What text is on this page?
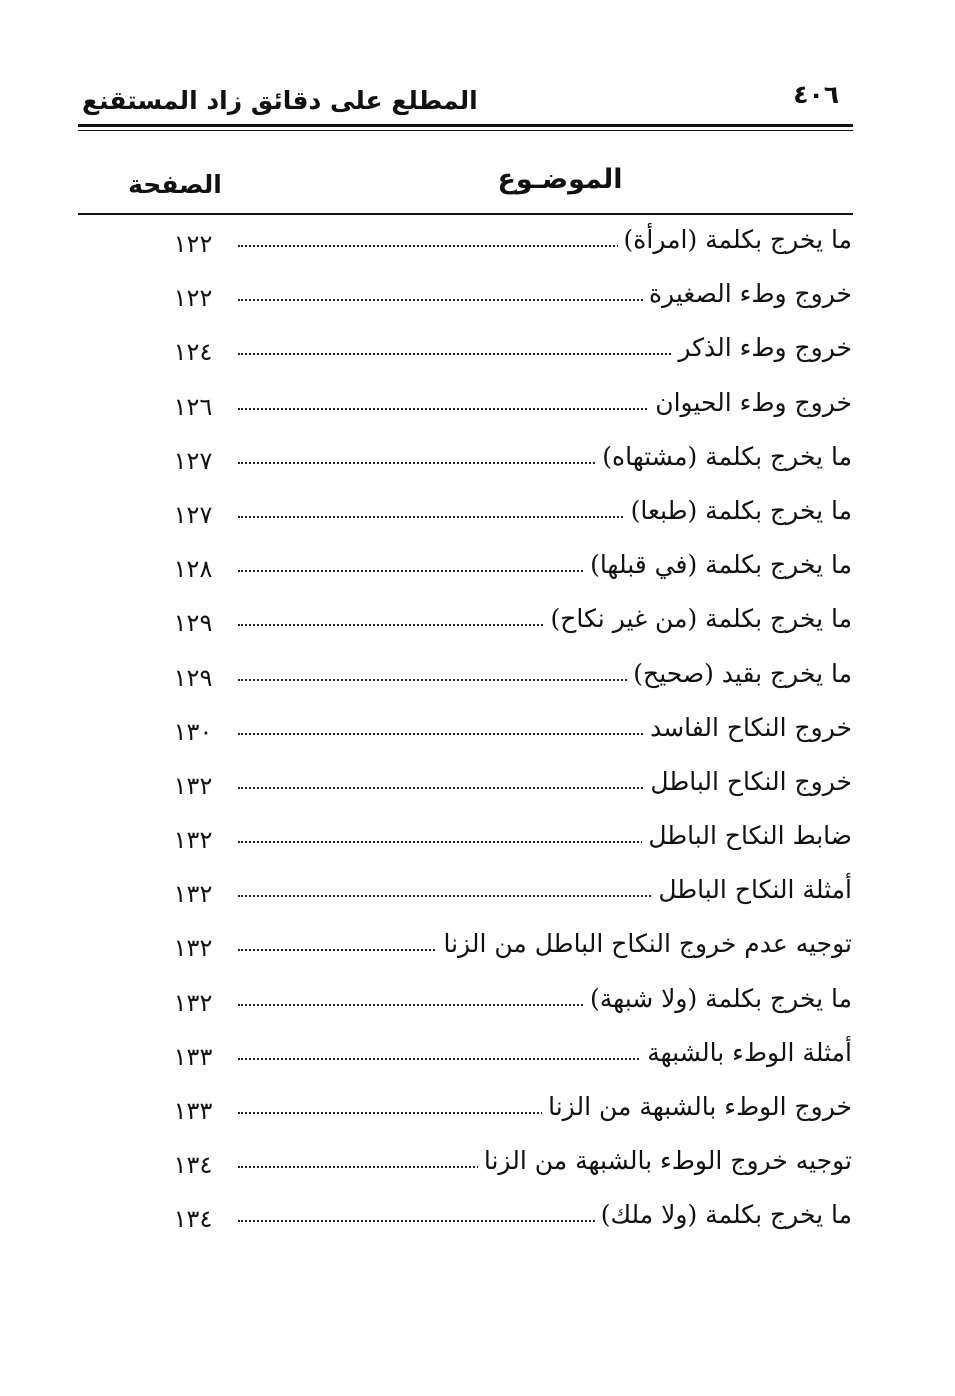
المطلع على دقائق زاد المستقنع	٤٠٦
الموضـوع
الصفحة
ما يخرج بكلمة (امرأة)
١٢٢
خروج وطء الصغيرة
١٢٢
خروج وطء الذكر
١٢٤
خروج وطء الحيوان
١٢٦
ما يخرج بكلمة (مشتهاه)
١٢٧
ما يخرج بكلمة (طبعا)
١٢٧
ما يخرج بكلمة (في قبلها)
١٢٨
ما يخرج بكلمة (من غير نكاح)
١٢٩
ما يخرج بقيد (صحيح)
١٢٩
خروج النكاح الفاسد
١٣٠
خروج النكاح الباطل
١٣٢
ضابط النكاح الباطل
١٣٢
أمثلة النكاح الباطل
١٣٢
توجيه عدم خروج النكاح الباطل من الزنا
١٣٢
ما يخرج بكلمة (ولا شبهة)
١٣٢
أمثلة الوطء بالشبهة
١٣٣
خروج الوطء بالشبهة من الزنا
١٣٣
توجيه خروج الوطء بالشبهة من الزنا
١٣٤
ما يخرج بكلمة (ولا ملك)
١٣٤
